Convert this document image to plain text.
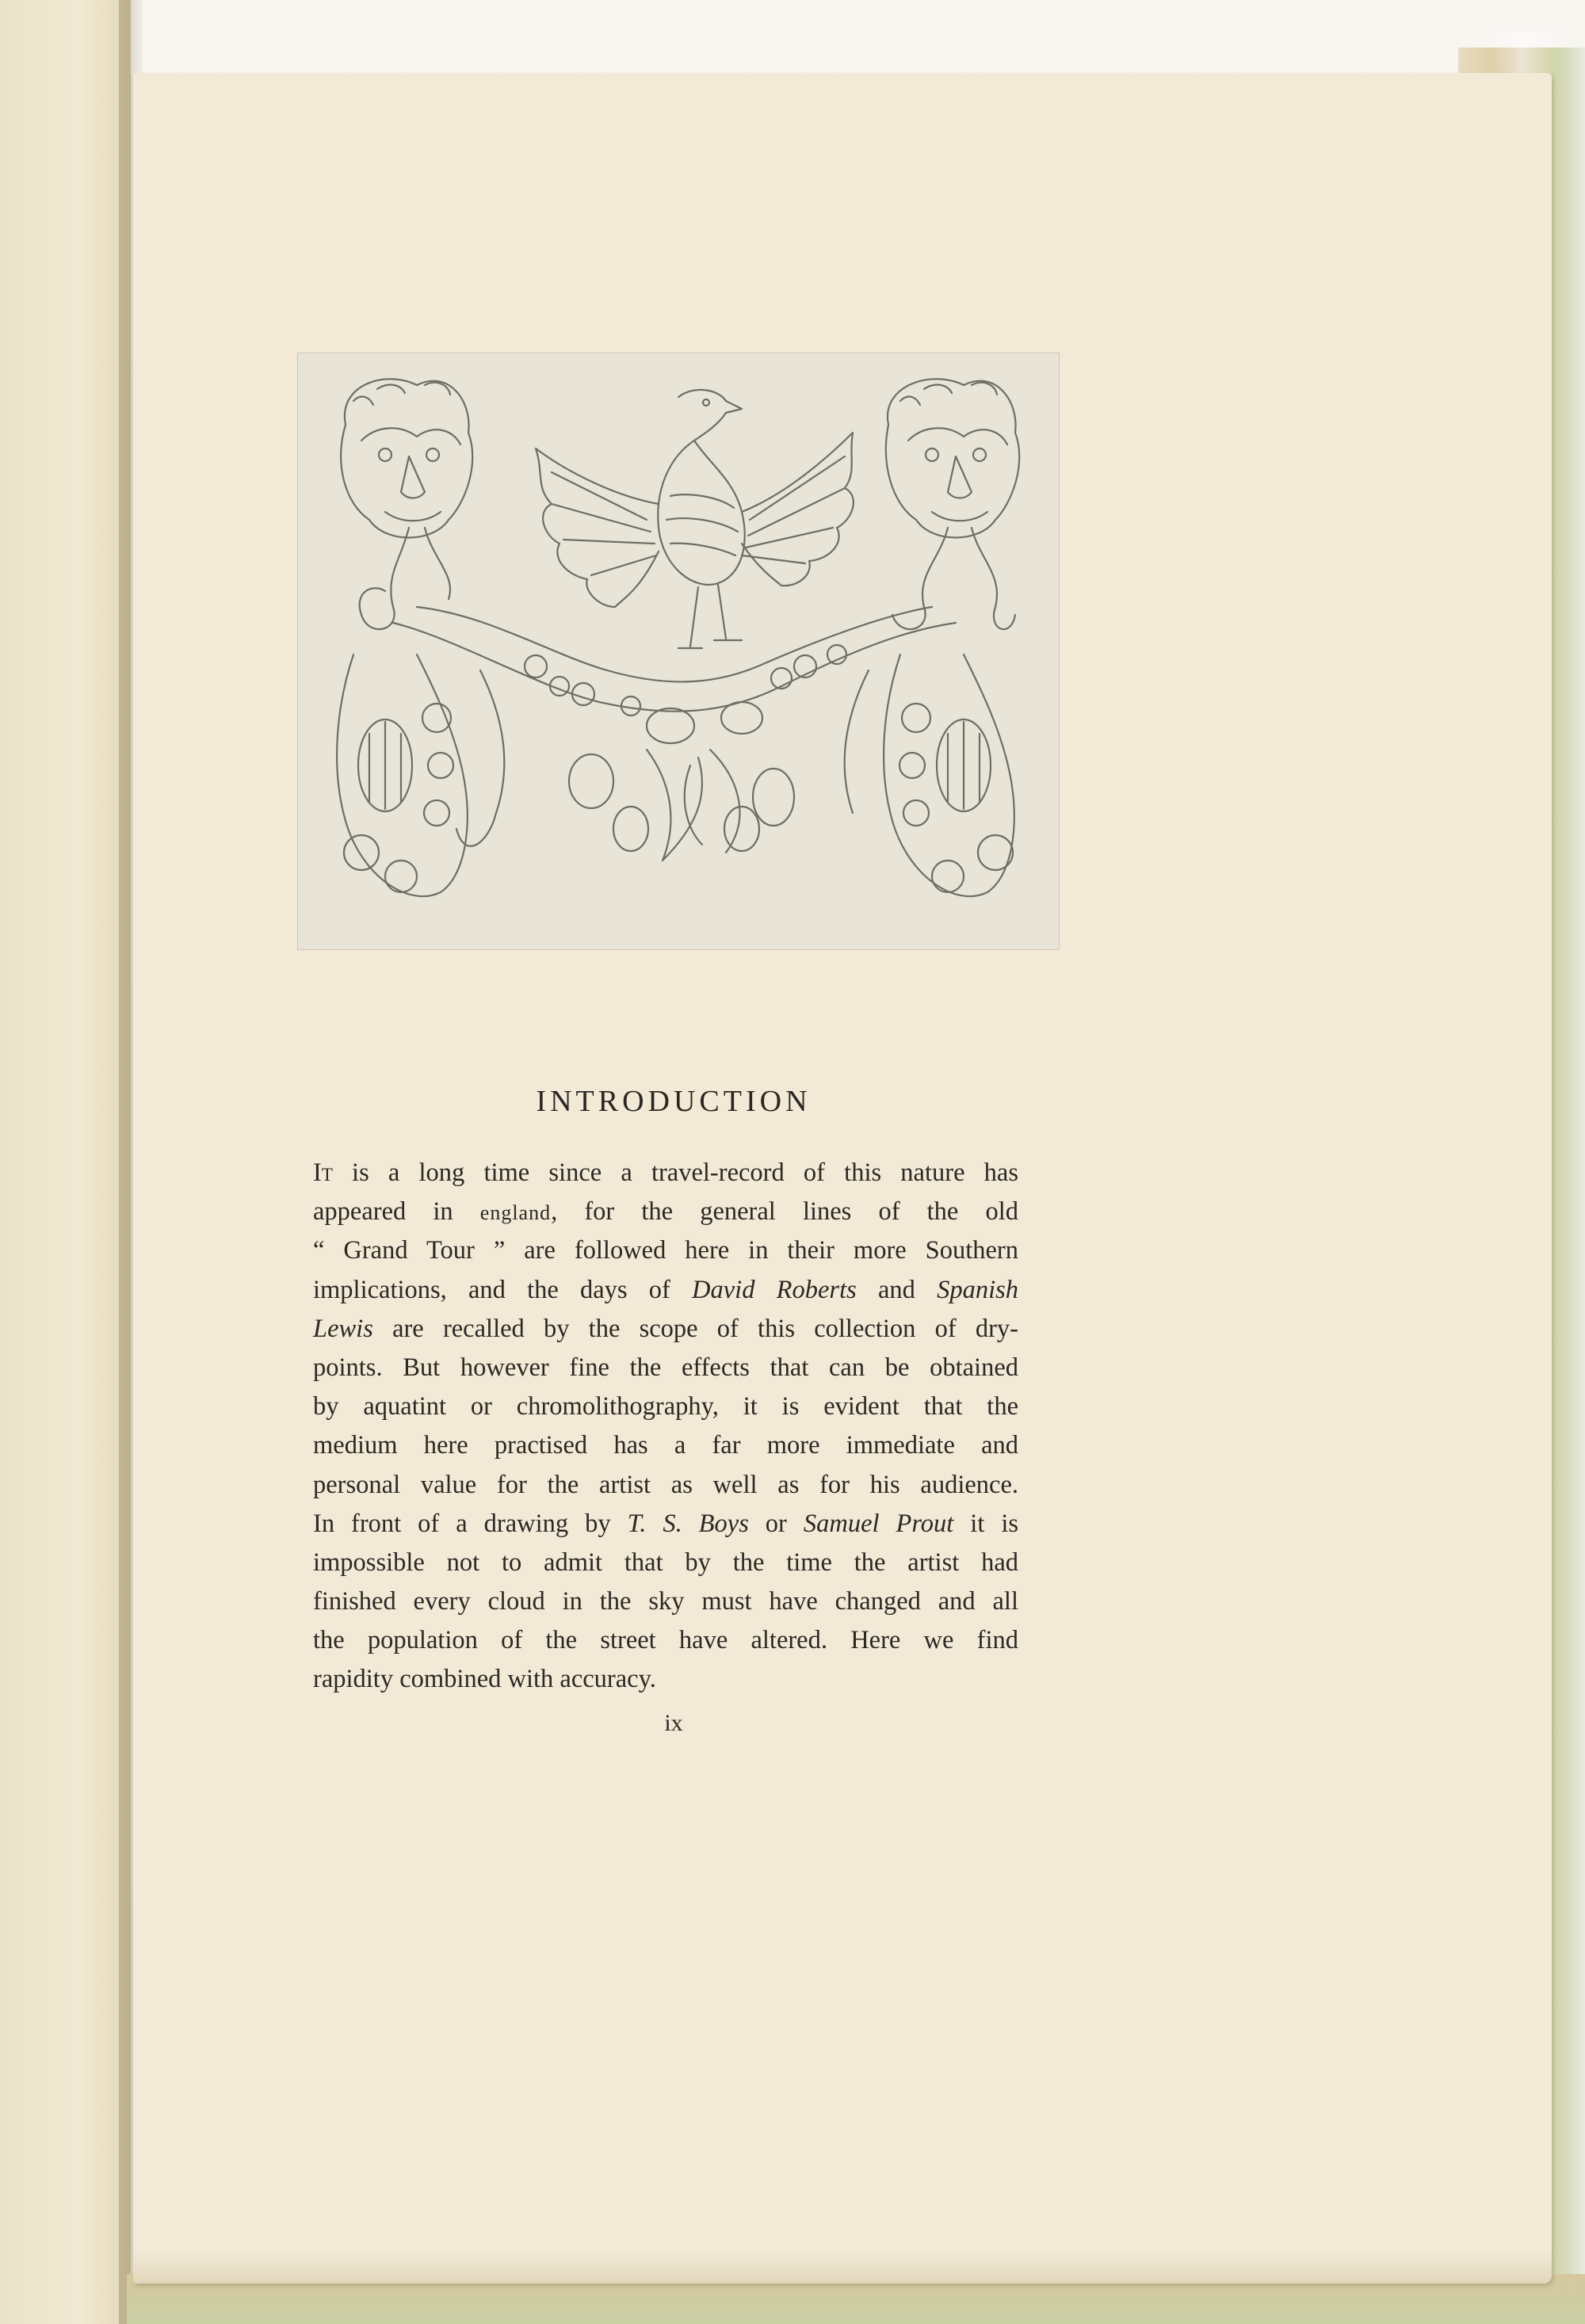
INTRODUCTION
It is a long time since a travel-record of this nature has
appeared in england, for the general lines of the old
“ Grand Tour ” are followed here in their more Southern
implications, and the days of David Roberts and Spanish
Lewis are recalled by the scope of this collection of dry-
points. But however fine the effects that can be obtained
by aquatint or chromolithography, it is evident that the
medium here practised has a far more immediate and
personal value for the artist as well as for his audience.
In front of a drawing by T. S. Boys or Samuel Prout it is
impossible not to admit that by the time the artist had
finished every cloud in the sky must have changed and all
the population of the street have altered. Here we find
rapidity combined with accuracy.

ix
